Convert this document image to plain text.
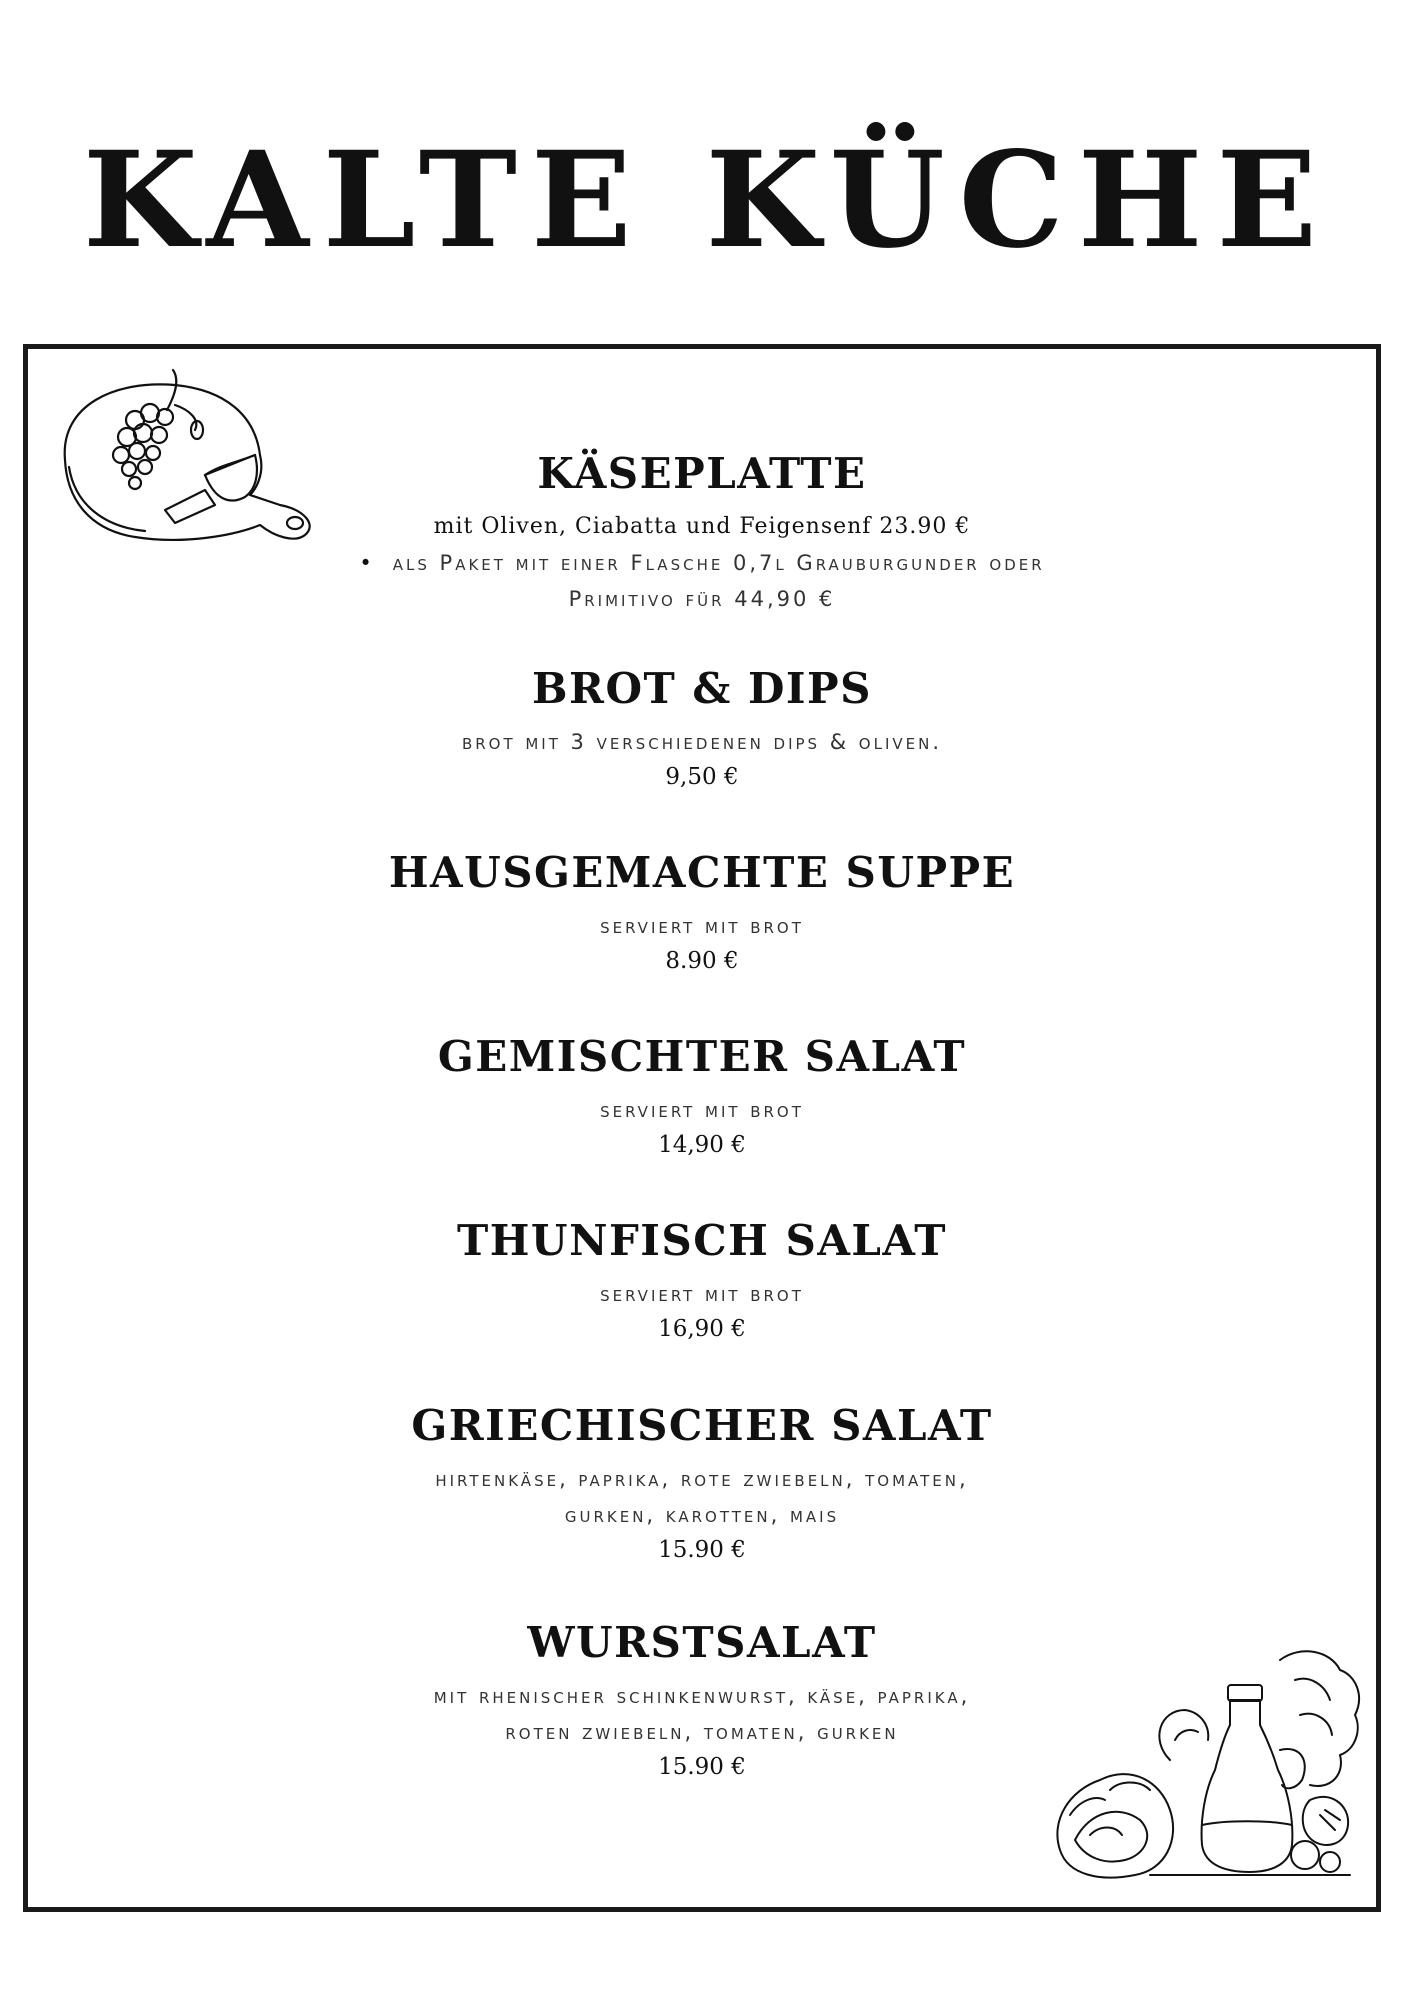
KALTE KÜCHE
KÄSEPLATTE
mit Oliven, Ciabatta und Feigensenf 23.90 €
• als Paket mit einer Flasche 0,7l Grauburgunder oder
Primitivo für 44,90 €
BROT & DIPS
brot mit 3 verschiedenen dips & oliven.
9,50 €
HAUSGEMACHTE SUPPE
serviert mit brot
8.90 €
GEMISCHTER SALAT
serviert mit brot
14,90 €
THUNFISCH SALAT
serviert mit brot
16,90 €
GRIECHISCHER SALAT
hirtenkäse, paprika, rote zwiebeln, tomaten,
gurken, karotten, mais
15.90 €
WURSTSALAT
mit rhenischer schinkenwurst, käse, paprika,
roten zwiebeln, tomaten, gurken
15.90 €
